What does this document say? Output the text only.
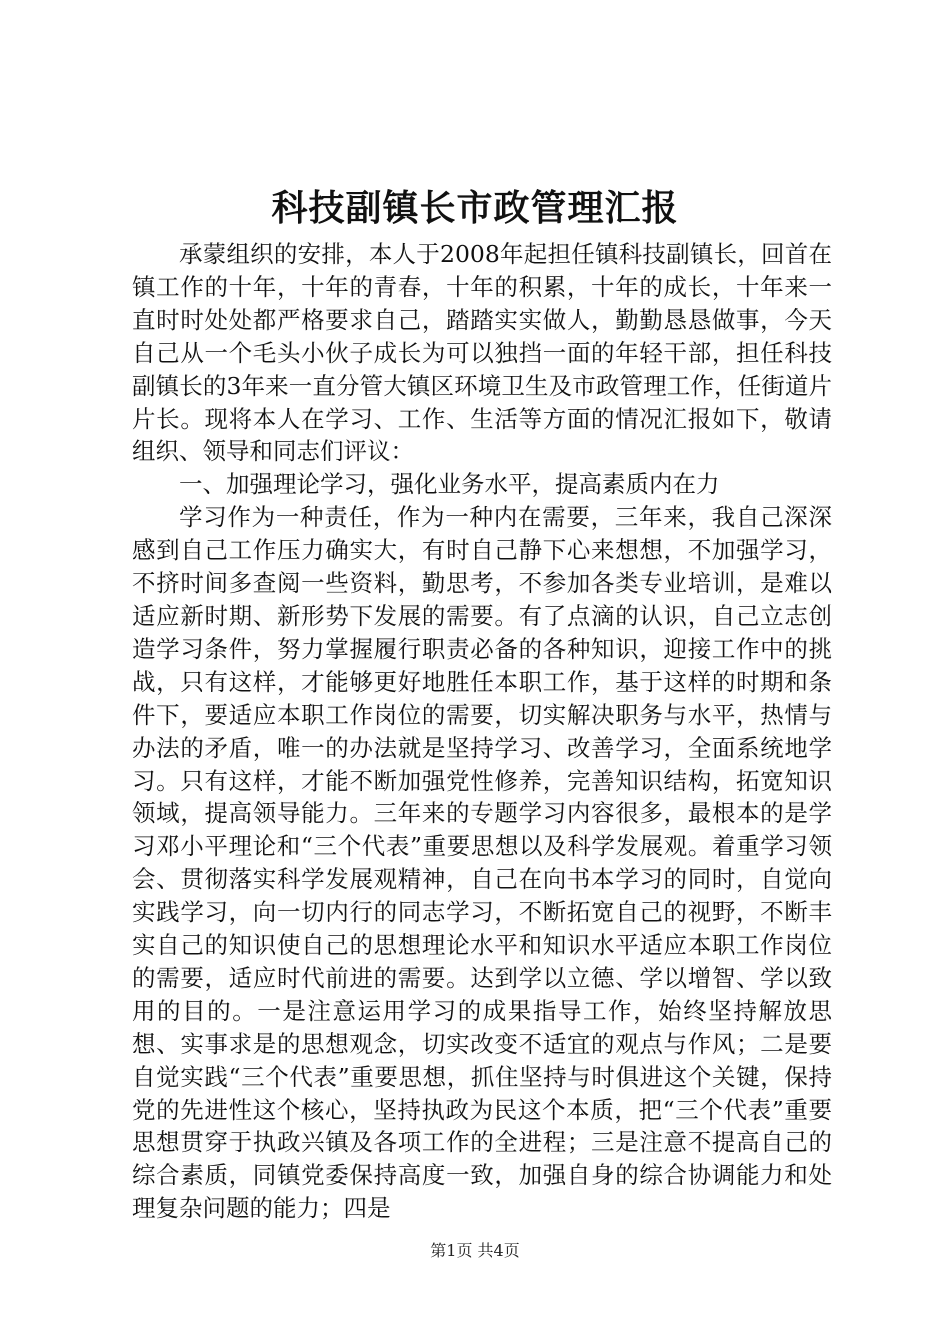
科技副镇长市政管理汇报

承蒙组织的安排，本人于2008年起担任镇科技副镇长，回首在镇工作的十年，十年的青春，十年的积累，十年的成长，十年来一直时时处处都严格要求自己，踏踏实实做人，勤勤恳恳做事，今天自己从一个毛头小伙子成长为可以独挡一面的年轻干部，担任科技副镇长的3年来一直分管大镇区环境卫生及市政管理工作，任街道片片长。现将本人在学习、工作、生活等方面的情况汇报如下，敬请组织、领导和同志们评议：

一、加强理论学习，强化业务水平，提高素质内在力

学习作为一种责任，作为一种内在需要，三年来，我自己深深感到自己工作压力确实大，有时自己静下心来想想，不加强学习，不挤时间多查阅一些资料，勤思考，不参加各类专业培训，是难以适应新时期、新形势下发展的需要。有了点滴的认识，自己立志创造学习条件，努力掌握履行职责必备的各种知识，迎接工作中的挑战，只有这样，才能够更好地胜任本职工作，基于这样的时期和条件下，要适应本职工作岗位的需要，切实解决职务与水平，热情与办法的矛盾，唯一的办法就是坚持学习、改善学习，全面系统地学习。只有这样，才能不断加强党性修养，完善知识结构，拓宽知识领域，提高领导能力。三年来的专题学习内容很多，最根本的是学习邓小平理论和“三个代表”重要思想以及科学发展观。着重学习领会、贯彻落实科学发展观精神，自己在向书本学习的同时，自觉向实践学习，向一切内行的同志学习，不断拓宽自己的视野，不断丰实自己的知识使自己的思想理论水平和知识水平适应本职工作岗位的需要，适应时代前进的需要。达到学以立德、学以增智、学以致用的目的。一是注意运用学习的成果指导工作，始终坚持解放思想、实事求是的思想观念，切实改变不适宜的观点与作风；二是要自觉实践“三个代表”重要思想，抓住坚持与时俱进这个关键，保持党的先进性这个核心，坚持执政为民这个本质，把“三个代表”重要思想贯穿于执政兴镇及各项工作的全进程；三是注意不提高自己的综合素质，同镇党委保持高度一致，加强自身的综合协调能力和处理复杂问题的能力；四是

第1页 共4页
